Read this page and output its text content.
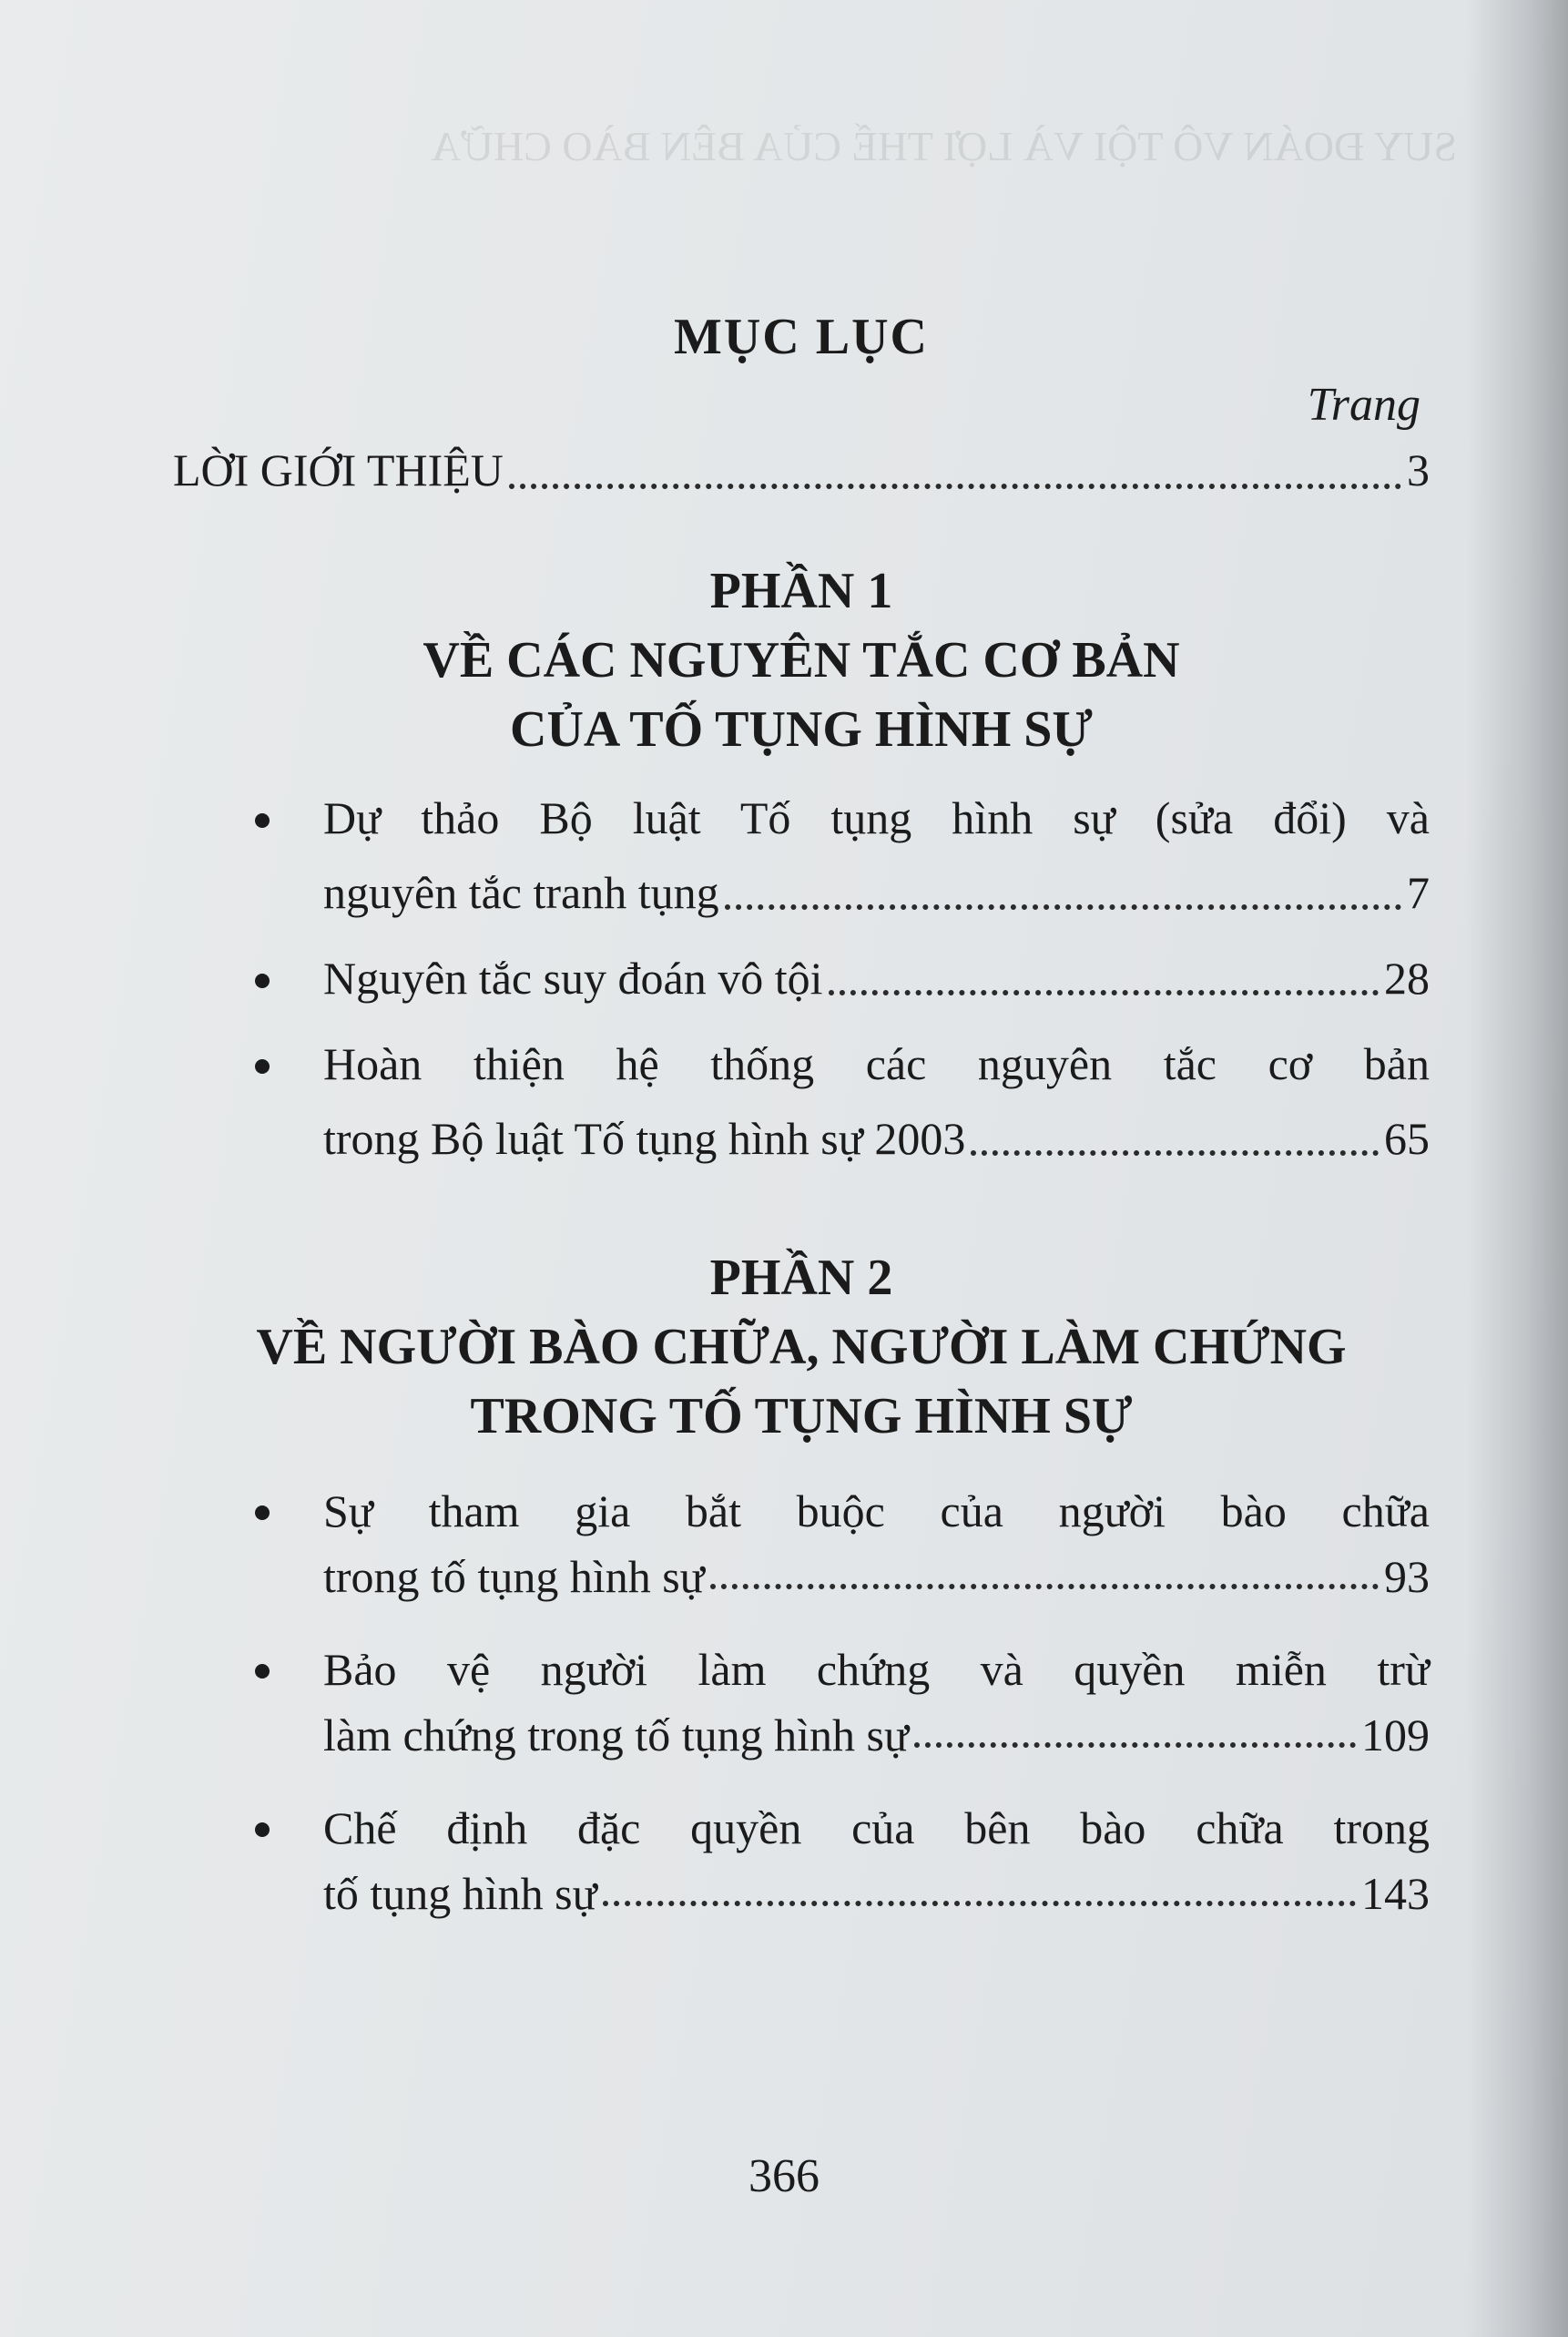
SUY ĐOÁN VÔ TỘI VÀ LỢI THẾ CỦA BÊN BÀO CHỮA
MỤC LỤC
Trang
LỜI GIỚI THIỆU	3
PHẦN 1
VỀ CÁC NGUYÊN TẮC CƠ BẢN
CỦA TỐ TỤNG HÌNH SỰ
Dự thảo Bộ luật Tố tụng hình sự (sửa đổi) và
nguyên tắc tranh tụng	7
Nguyên tắc suy đoán vô tội	28
Hoàn thiện hệ thống các nguyên tắc cơ bản
trong Bộ luật Tố tụng hình sự 2003	65
PHẦN 2
VỀ NGƯỜI BÀO CHỮA, NGƯỜI LÀM CHỨNG
TRONG TỐ TỤNG HÌNH SỰ
Sự tham gia bắt buộc của người bào chữa
trong tố tụng hình sự	93
Bảo vệ người làm chứng và quyền miễn trừ
làm chứng trong tố tụng hình sự	109
Chế định đặc quyền của bên bào chữa trong
tố tụng hình sự	143
366
